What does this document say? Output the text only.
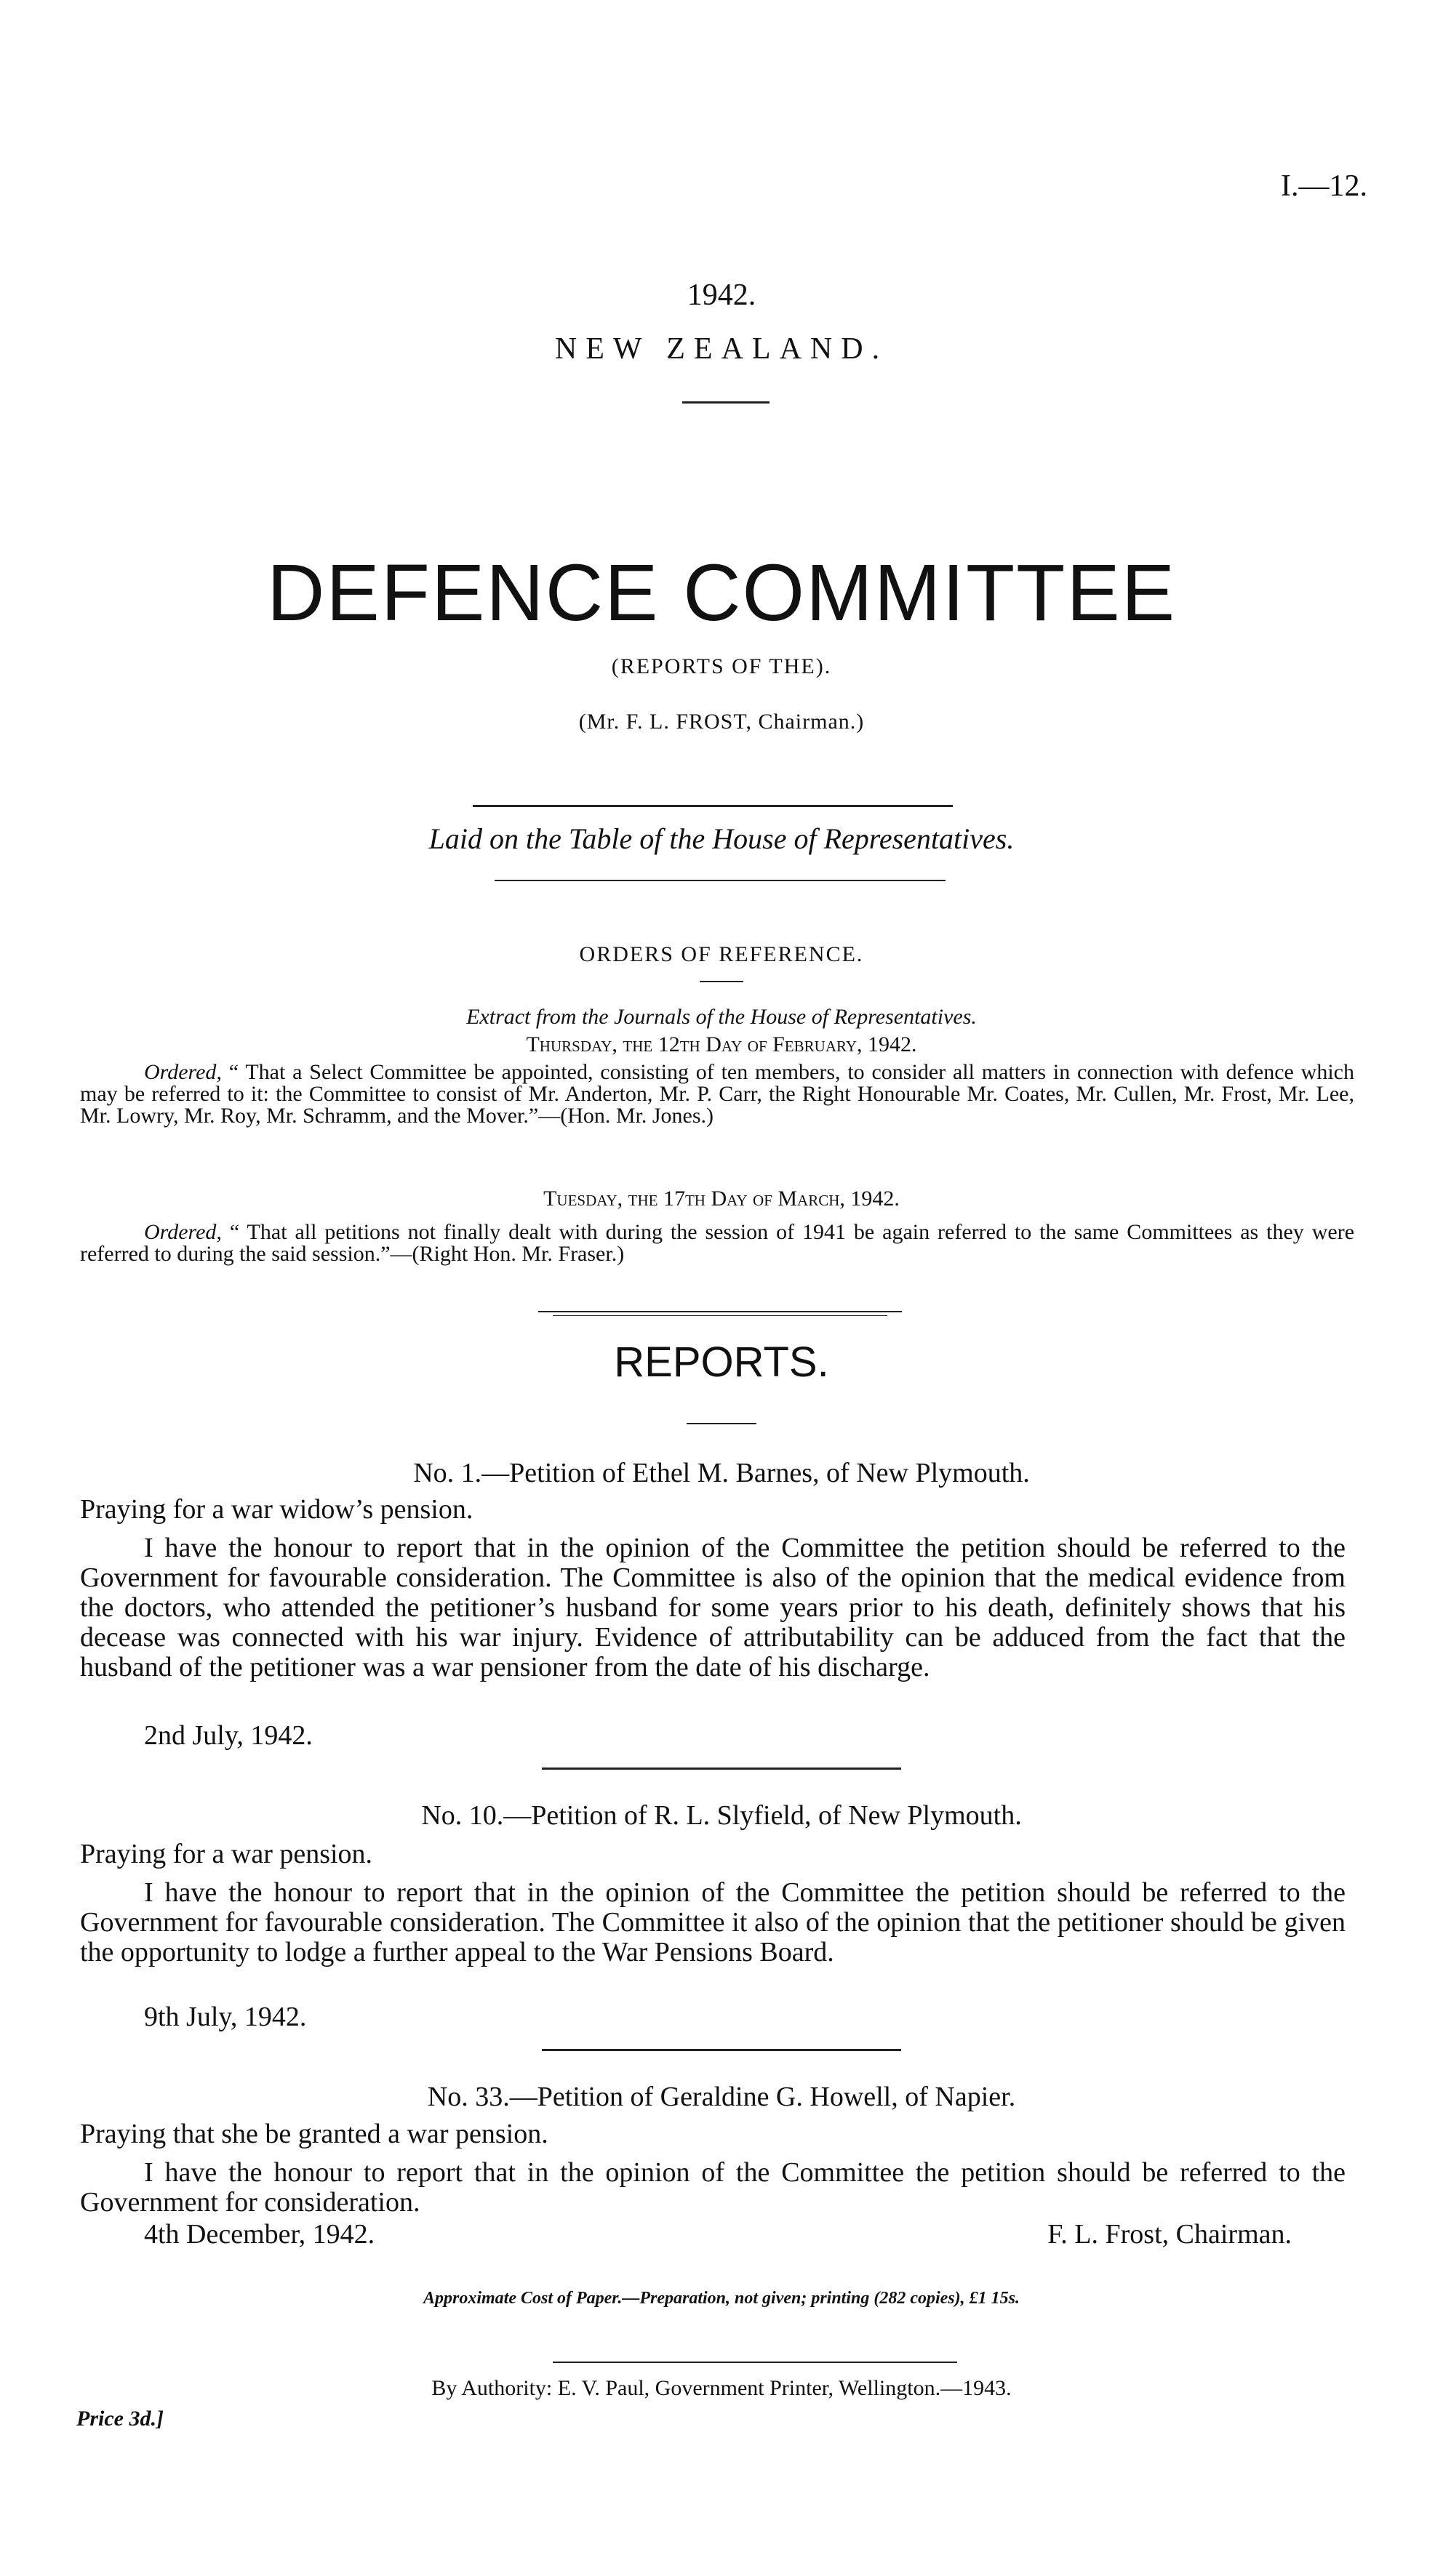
I.—12.
1942.
NEW ZEALAND.
DEFENCE COMMITTEE
(REPORTS OF THE).
(Mr. F. L. FROST, Chairman.)
Laid on the Table of the House of Representatives.
ORDERS OF REFERENCE.
Extract from the Journals of the House of Representatives.
Thursday, the 12th Day of February, 1942.
Ordered, “ That a Select Committee be appointed, consisting of ten members, to consider all matters in connection with defence which may be referred to it: the Committee to consist of Mr. Anderton, Mr. P. Carr, the Right Honourable Mr. Coates, Mr. Cullen, Mr. Frost, Mr. Lee, Mr. Lowry, Mr. Roy, Mr. Schramm, and the Mover.”—(Hon. Mr. Jones.)
Tuesday, the 17th Day of March, 1942.
Ordered, “ That all petitions not finally dealt with during the session of 1941 be again referred to the same Committees as they were referred to during the said session.”—(Right Hon. Mr. Fraser.)
REPORTS.
No. 1.—Petition of Ethel M. Barnes, of New Plymouth.
Praying for a war widow’s pension.
I have the honour to report that in the opinion of the Committee the petition should be referred to the Government for favourable consideration. The Committee is also of the opinion that the medical evidence from the doctors, who attended the petitioner’s husband for some years prior to his death, definitely shows that his decease was connected with his war injury. Evidence of attributability can be adduced from the fact that the husband of the petitioner was a war pensioner from the date of his discharge.
2nd July, 1942.
No. 10.—Petition of R. L. Slyfield, of New Plymouth.
Praying for a war pension.
I have the honour to report that in the opinion of the Committee the petition should be referred to the Government for favourable consideration. The Committee it also of the opinion that the petitioner should be given the opportunity to lodge a further appeal to the War Pensions Board.
9th July, 1942.
No. 33.—Petition of Geraldine G. Howell, of Napier.
Praying that she be granted a war pension.
I have the honour to report that in the opinion of the Committee the petition should be referred to the Government for consideration.
4th December, 1942.	F. L. Frost, Chairman.
Approximate Cost of Paper.—Preparation, not given; printing (282 copies), £1 15s.
By Authority: E. V. Paul, Government Printer, Wellington.—1943.
Price 3d.]
